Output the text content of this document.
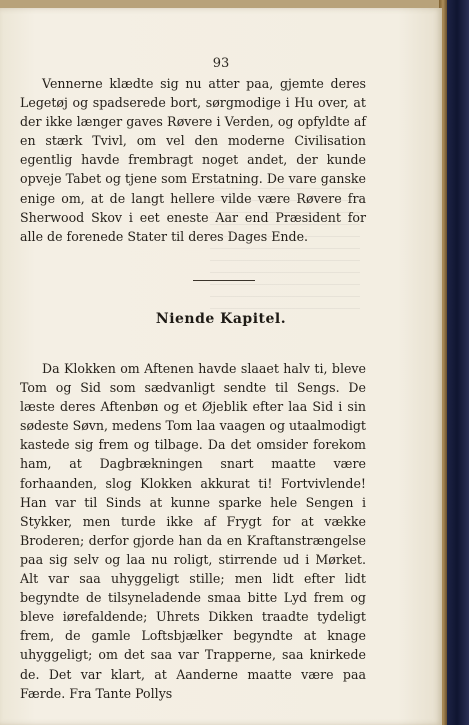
93

Vennerne klædte sig nu atter paa, gjemte deres Legetøj og spadserede bort, sørgmodige i Hu over, at der ikke længer gaves Røvere i Verden, og opfyldte af en stærk Tvivl, om vel den moderne Civilisation egentlig havde frembragt noget andet, der kunde opveje Tabet og tjene som Erstatning. De vare ganske enige om, at de langt hellere vilde være Røvere fra Sherwood Skov i eet eneste Aar end Præsident for alle de forenede Stater til deres Dages Ende.

Niende Kapitel.

Da Klokken om Aftenen havde slaaet halv ti, bleve Tom og Sid som sædvanligt sendte til Sengs. De læste deres Aftenbøn og et Øjeblik efter laa Sid i sin sødeste Søvn, medens Tom laa vaagen og utaalmodigt kastede sig frem og tilbage. Da det omsider forekom ham, at Dagbrækningen snart maatte være forhaanden, slog Klokken akkurat ti! Fortvivlende! Han var til Sinds at kunne sparke hele Sengen i Stykker, men turde ikke af Frygt for at vække Broderen; derfor gjorde han da en Kraftanstrængelse paa sig selv og laa nu roligt, stirrende ud i Mørket. Alt var saa uhyggeligt stille; men lidt efter lidt begyndte de tilsyneladende smaa bitte Lyd frem og bleve iørefaldende; Uhrets Dikken traadte tydeligt frem, de gamle Loftsbjælker begyndte at knage uhyggeligt; om det saa var Trapperne, saa knirkede de. Det var klart, at Aanderne maatte være paa Færde. Fra Tante Pollys
